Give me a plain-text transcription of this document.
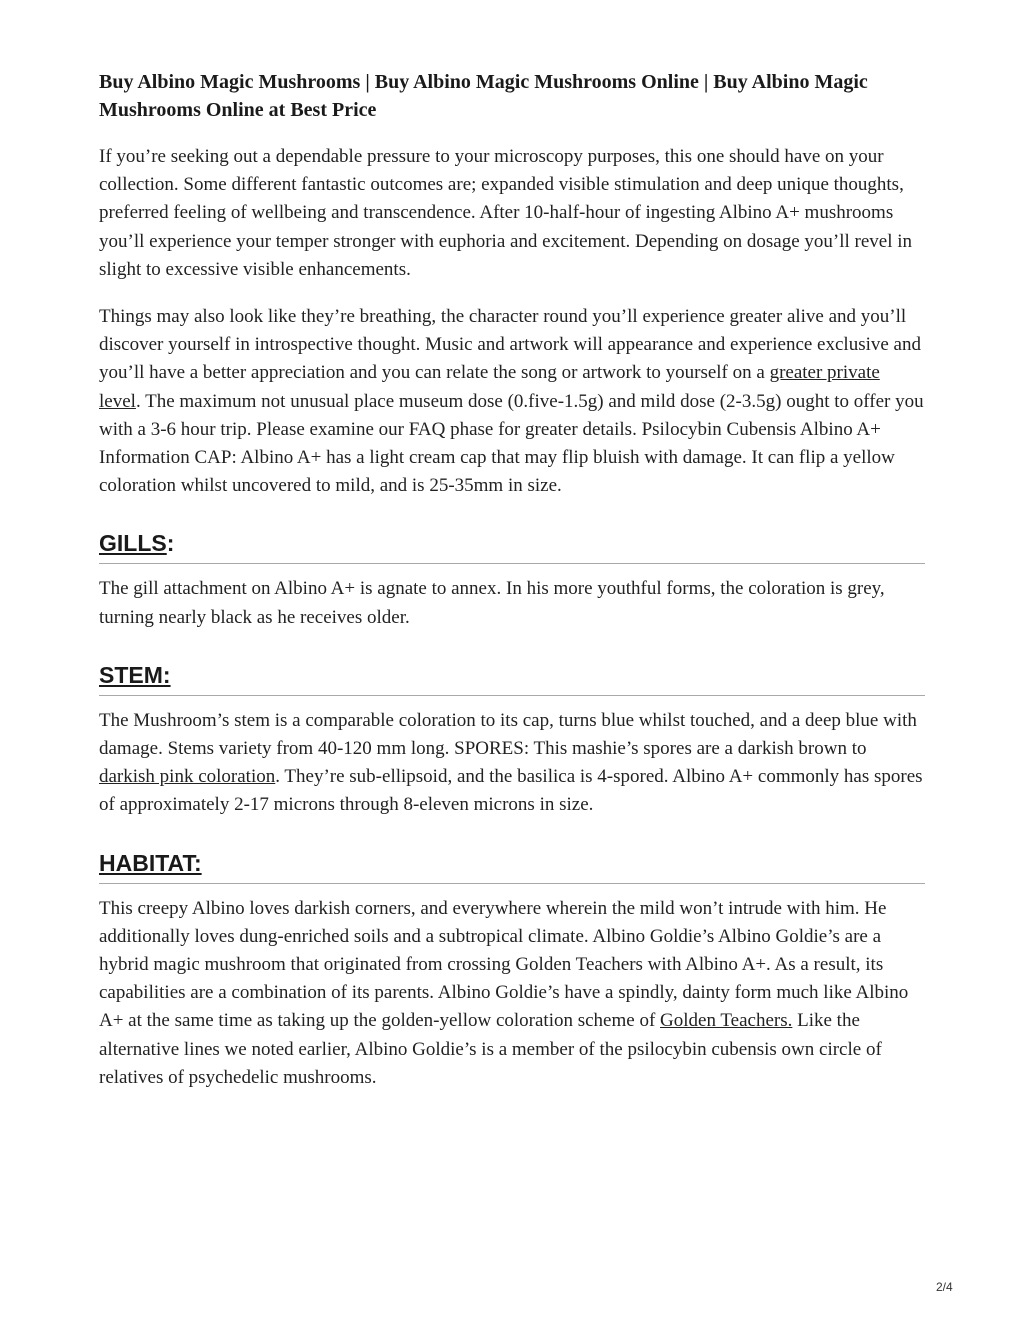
Buy Albino Magic Mushrooms | Buy Albino Magic Mushrooms Online | Buy Albino Magic Mushrooms Online at Best Price

If you’re seeking out a dependable pressure to your microscopy purposes, this one should have on your collection. Some different fantastic outcomes are; expanded visible stimulation and deep unique thoughts, preferred feeling of wellbeing and transcendence. After 10-half-hour of ingesting Albino A+ mushrooms you’ll experience your temper stronger with euphoria and excitement. Depending on dosage you’ll revel in slight to excessive visible enhancements.

Things may also look like they’re breathing, the character round you’ll experience greater alive and you’ll discover yourself in introspective thought. Music and artwork will appearance and experience exclusive and you’ll have a better appreciation and you can relate the song or artwork to yourself on a greater private level. The maximum not unusual place museum dose (0.five-1.5g) and mild dose (2-3.5g) ought to offer you with a 3-6 hour trip. Please examine our FAQ phase for greater details. Psilocybin Cubensis Albino A+ Information CAP: Albino A+ has a light cream cap that may flip bluish with damage. It can flip a yellow coloration whilst uncovered to mild, and is 25-35mm in size.

GILLS:

The gill attachment on Albino A+ is agnate to annex. In his more youthful forms, the coloration is grey, turning nearly black as he receives older.

STEM:

The Mushroom’s stem is a comparable coloration to its cap, turns blue whilst touched, and a deep blue with damage. Stems variety from 40-120 mm long. SPORES: This mashie’s spores are a darkish brown to darkish pink coloration. They’re sub-ellipsoid, and the basilica is 4-spored. Albino A+ commonly has spores of approximately 2-17 microns through 8-eleven microns in size.

HABITAT:

This creepy Albino loves darkish corners, and everywhere wherein the mild won’t intrude with him. He additionally loves dung-enriched soils and a subtropical climate. Albino Goldie’s Albino Goldie’s are a hybrid magic mushroom that originated from crossing Golden Teachers with Albino A+. As a result, its capabilities are a combination of its parents. Albino Goldie’s have a spindly, dainty form much like Albino A+ at the same time as taking up the golden-yellow coloration scheme of Golden Teachers. Like the alternative lines we noted earlier, Albino Goldie’s is a member of the psilocybin cubensis own circle of relatives of psychedelic mushrooms.

2/4
